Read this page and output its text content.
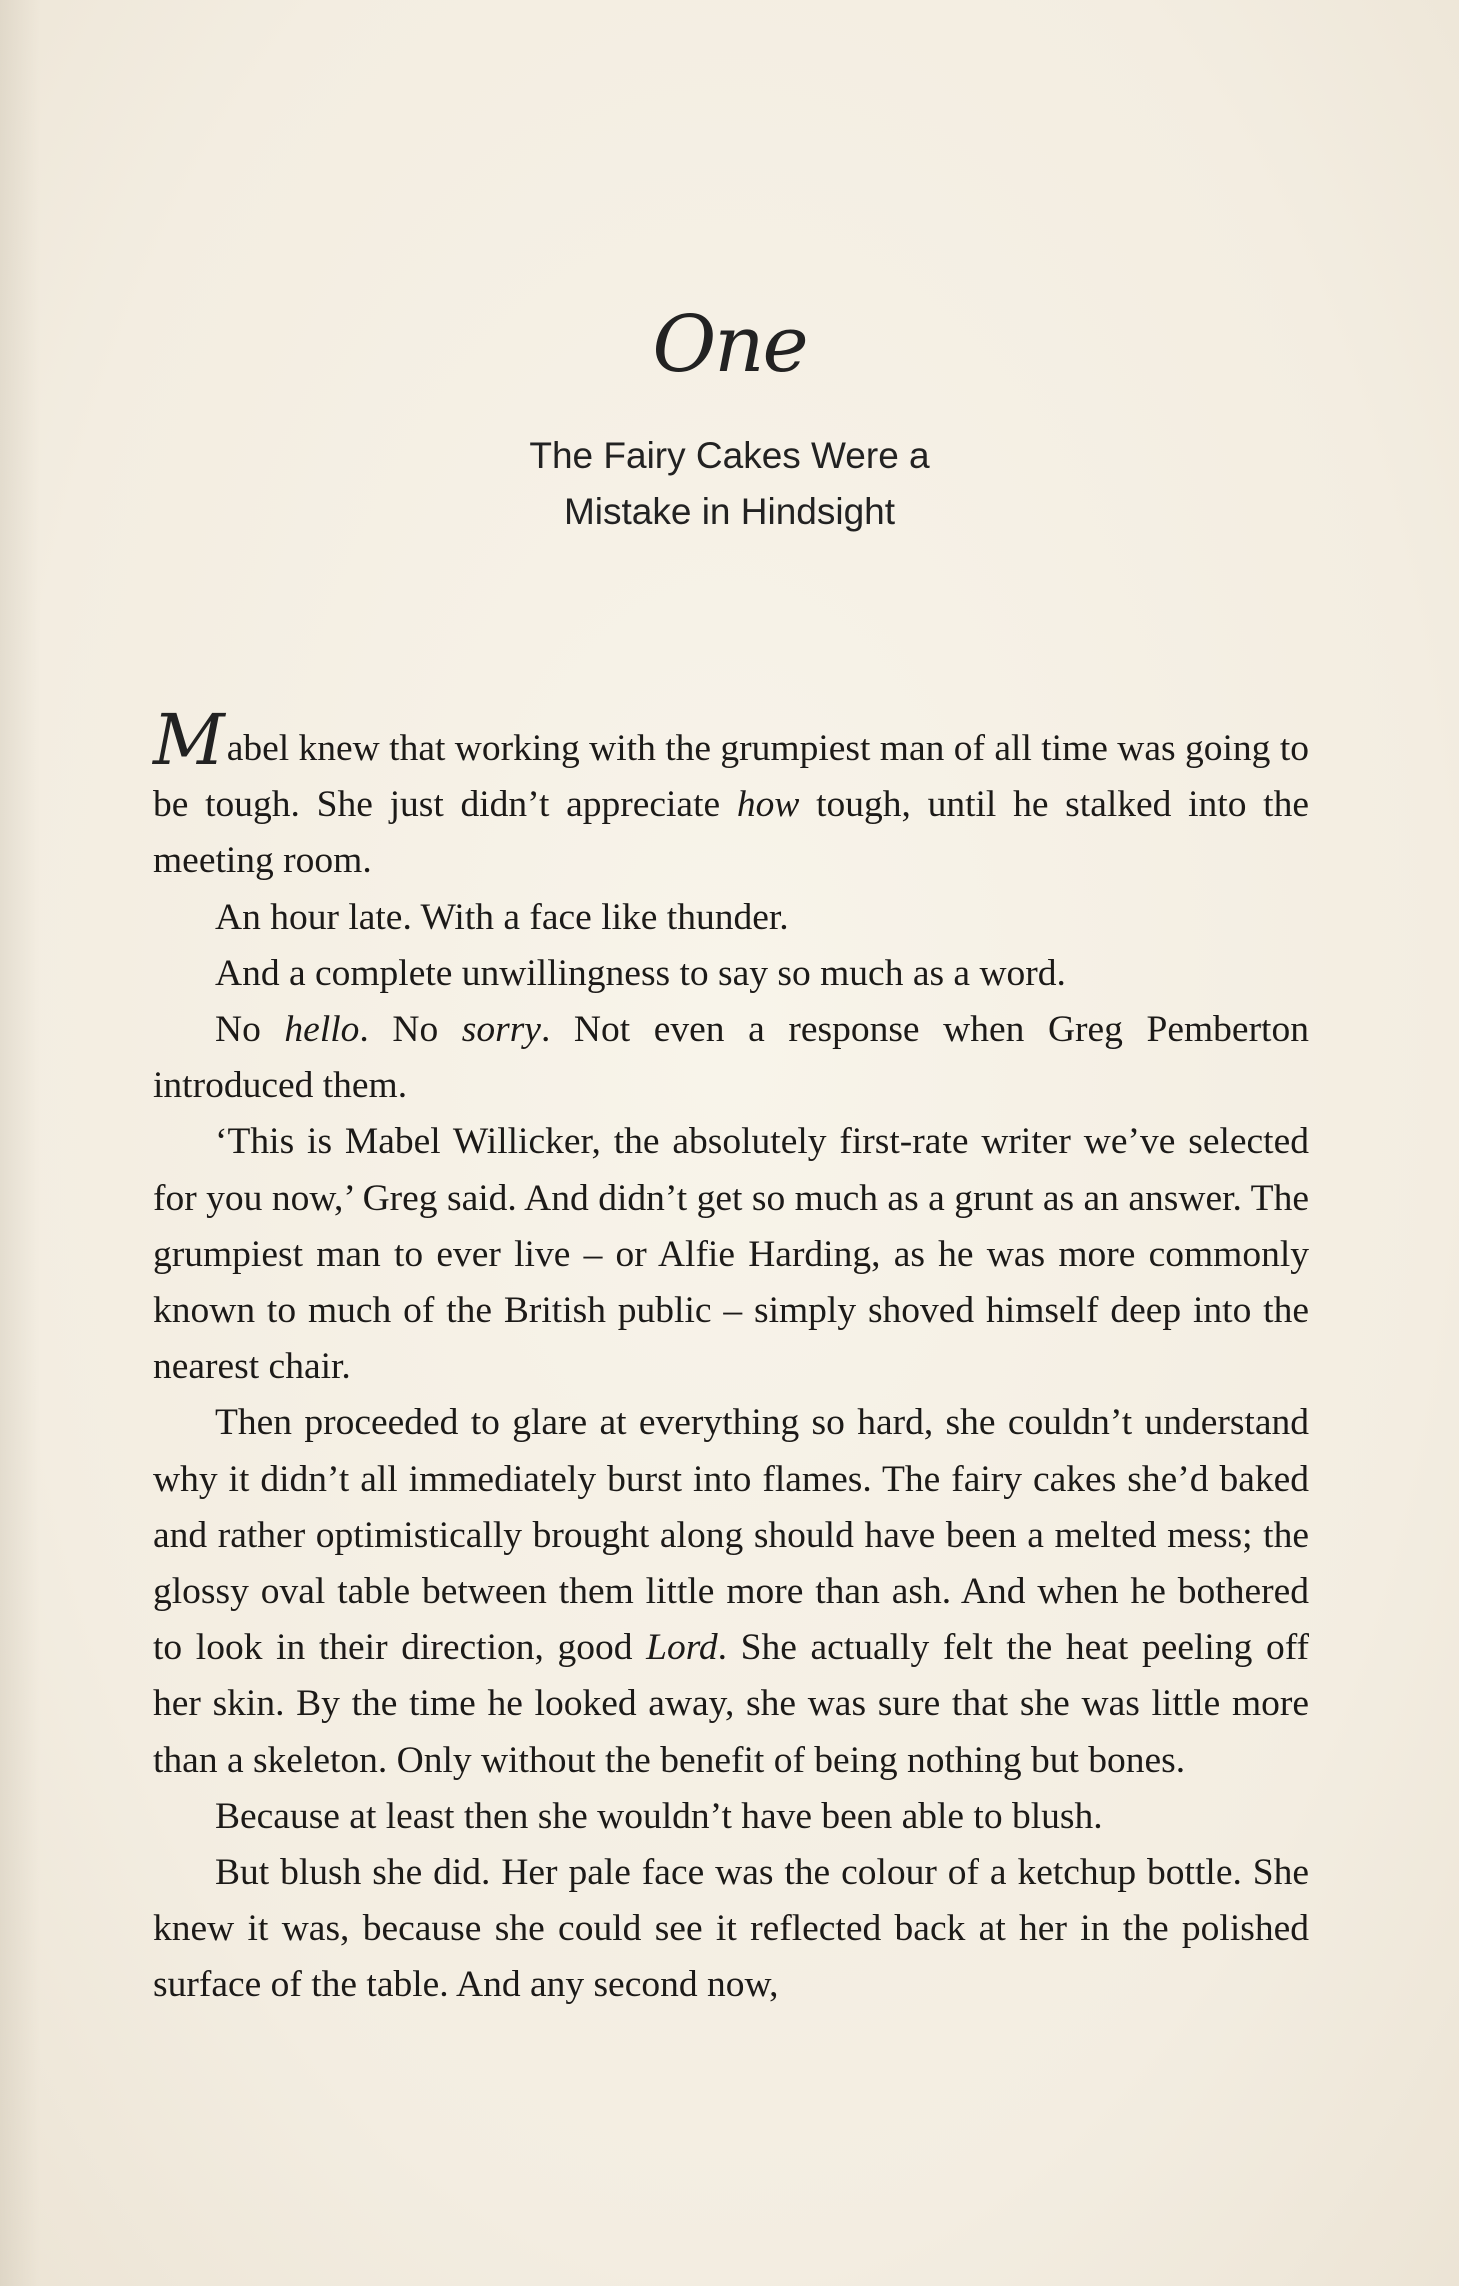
One
The Fairy Cakes Were a
Mistake in Hindsight

Mabel knew that working with the grumpiest man of all time was going to be tough. She just didn’t appreciate how tough, until he stalked into the meeting room.

An hour late. With a face like thunder.

And a complete unwillingness to say so much as a word.

No hello. No sorry. Not even a response when Greg Pemberton introduced them.

‘This is Mabel Willicker, the absolutely first-rate writer we’ve selected for you now,’ Greg said. And didn’t get so much as a grunt as an answer. The grumpiest man to ever live – or Alfie Harding, as he was more commonly known to much of the British public – simply shoved himself deep into the nearest chair.

Then proceeded to glare at everything so hard, she couldn’t understand why it didn’t all immediately burst into flames. The fairy cakes she’d baked and rather optimistically brought along should have been a melted mess; the glossy oval table between them little more than ash. And when he bothered to look in their direction, good Lord. She actually felt the heat peeling off her skin. By the time he looked away, she was sure that she was little more than a skeleton. Only without the benefit of being nothing but bones.

Because at least then she wouldn’t have been able to blush.

But blush she did. Her pale face was the colour of a ketchup bottle. She knew it was, because she could see it reflected back at her in the polished surface of the table. And any second now,
